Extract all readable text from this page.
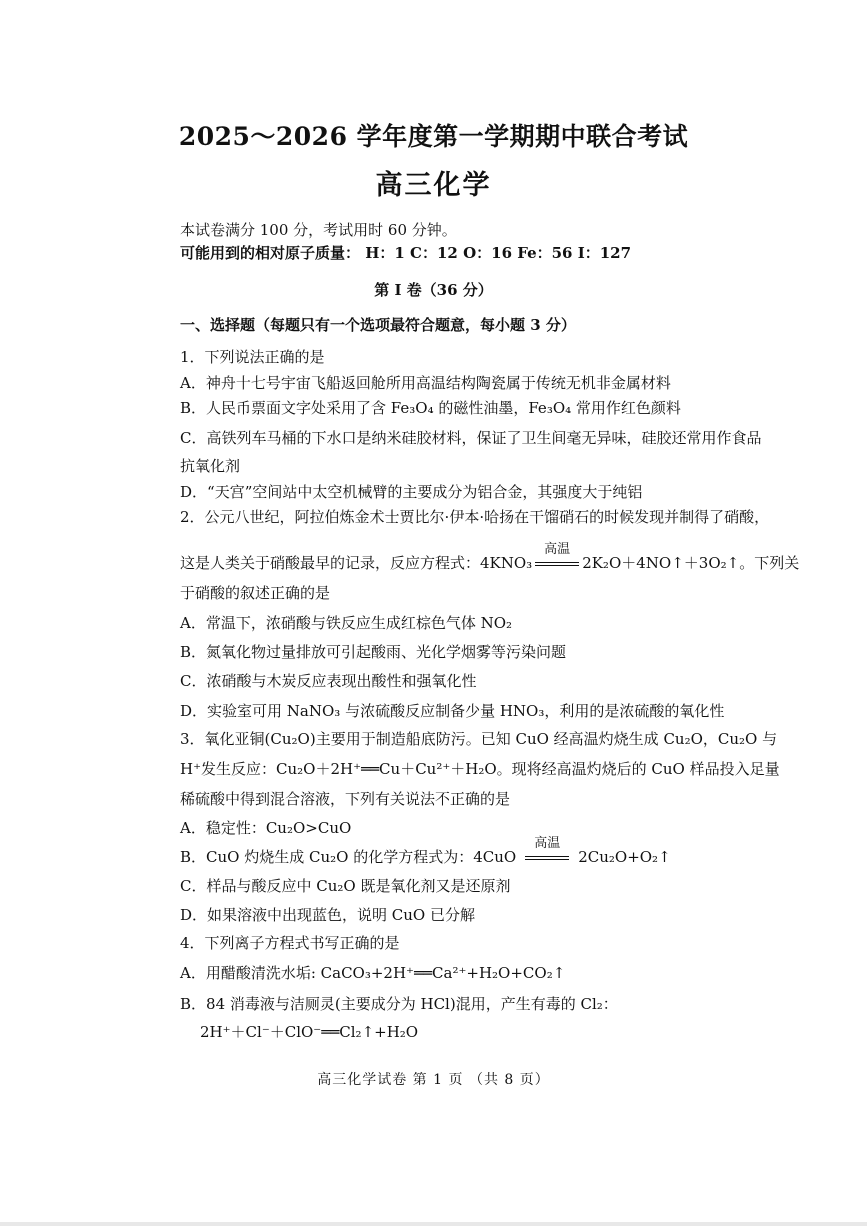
2025～2026 学年度第一学期期中联合考试
高三化学
本试卷满分 100 分，考试用时 60 分钟。
可能用到的相对原子质量： H：1 C：12 O：16 Fe：56 I：127
第 I 卷（36 分）
一、选择题（每题只有一个选项最符合题意，每小题 3 分）
1．下列说法正确的是
A．神舟十七号宇宙飞船返回舱所用高温结构陶瓷属于传统无机非金属材料
B．人民币票面文字处采用了含 Fe₃O₄ 的磁性油墨，Fe₃O₄ 常用作红色颜料
C．高铁列车马桶的下水口是纳米硅胶材料，保证了卫生间毫无异味，硅胶还常用作食品
抗氧化剂
D．“天宫”空间站中太空机械臂的主要成分为铝合金，其强度大于纯铝
2．公元八世纪，阿拉伯炼金术士贾比尔·伊本·哈扬在干馏硝石的时候发现并制得了硝酸，
这是人类关于硝酸最早的记录，反应方程式：4KNO₃
高温
2K₂O＋4NO↑＋3O₂↑。下列关
于硝酸的叙述正确的是
A．常温下，浓硝酸与铁反应生成红棕色气体 NO₂
B．氮氧化物过量排放可引起酸雨、光化学烟雾等污染问题
C．浓硝酸与木炭反应表现出酸性和强氧化性
D．实验室可用 NaNO₃ 与浓硫酸反应制备少量 HNO₃，利用的是浓硫酸的氧化性
3．氧化亚铜(Cu₂O)主要用于制造船底防污。已知 CuO 经高温灼烧生成 Cu₂O，Cu₂O 与
H⁺发生反应：Cu₂O＋2H⁺══Cu＋Cu²⁺＋H₂O。现将经高温灼烧后的 CuO 样品投入足量
稀硫酸中得到混合溶液，下列有关说法不正确的是
A．稳定性：Cu₂O>CuO
B．CuO 灼烧生成 Cu₂O 的化学方程式为：4CuO
高温
2Cu₂O+O₂↑
C．样品与酸反应中 Cu₂O 既是氧化剂又是还原剂
D．如果溶液中出现蓝色，说明 CuO 已分解
4．下列离子方程式书写正确的是
A．用醋酸清洗水垢: CaCO₃+2H⁺══Ca²⁺+H₂O+CO₂↑
B．84 消毒液与洁厕灵(主要成分为 HCl)混用，产生有毒的 Cl₂：
2H⁺＋Cl⁻＋ClO⁻══Cl₂↑+H₂O
高三化学试卷 第 1 页 （共 8 页）
